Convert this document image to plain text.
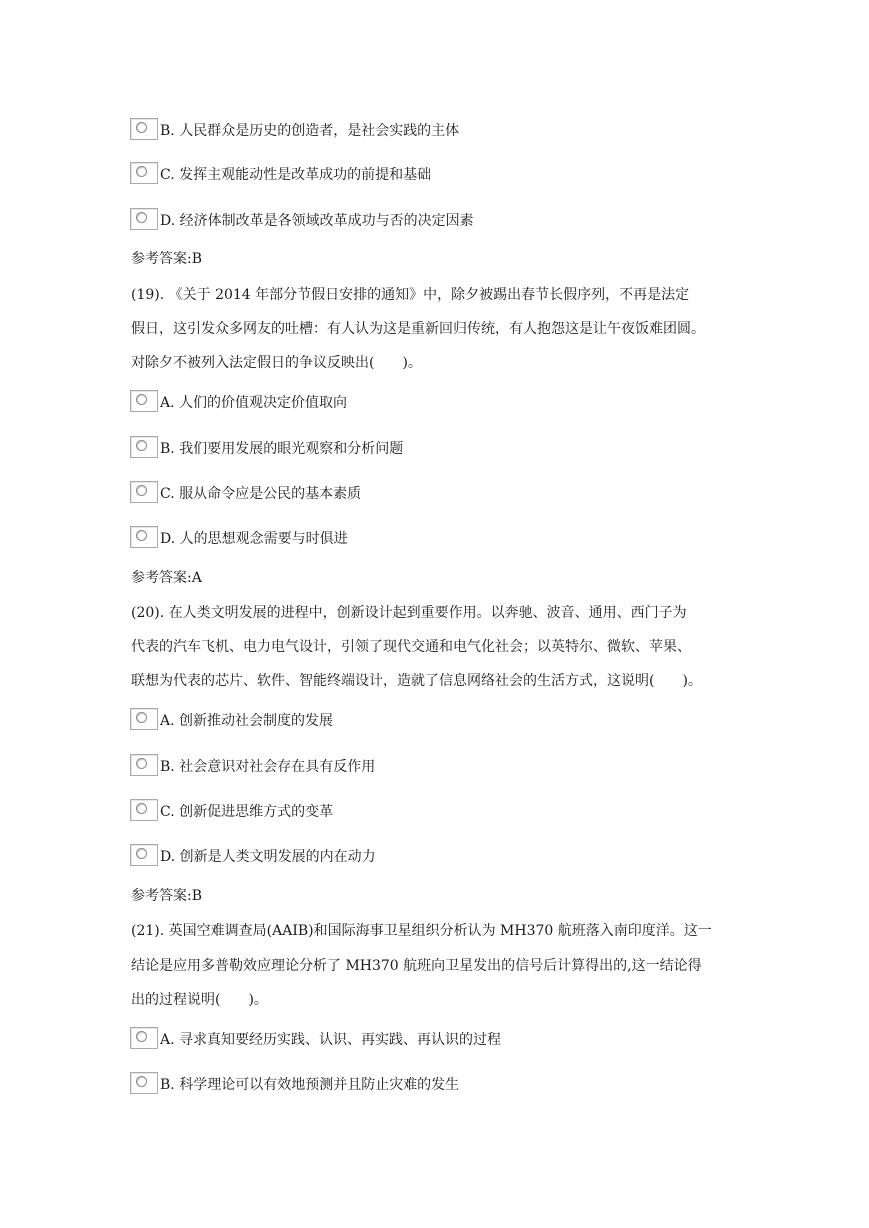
B. 人民群众是历史的创造者，是社会实践的主体
C. 发挥主观能动性是改革成功的前提和基础
D. 经济体制改革是各领域改革成功与否的决定因素
参考答案:B
(19). 《关于 2014 年部分节假日安排的通知》中，除夕被踢出春节长假序列，不再是法定
假日，这引发众多网友的吐槽：有人认为这是重新回归传统，有人抱怨这是让午夜饭难团圆。
对除夕不被列入法定假日的争议反映出(　　)。
A. 人们的价值观决定价值取向
B. 我们要用发展的眼光观察和分析问题
C. 服从命令应是公民的基本素质
D. 人的思想观念需要与时俱进
参考答案:A
(20). 在人类文明发展的进程中，创新设计起到重要作用。以奔驰、波音、通用、西门子为
代表的汽车飞机、电力电气设计，引领了现代交通和电气化社会；以英特尔、微软、苹果、
联想为代表的芯片、软件、智能终端设计，造就了信息网络社会的生活方式，这说明(　　)。
A. 创新推动社会制度的发展
B. 社会意识对社会存在具有反作用
C. 创新促进思维方式的变革
D. 创新是人类文明发展的内在动力
参考答案:B
(21). 英国空难调查局(AAIB)和国际海事卫星组织分析认为 MH370 航班落入南印度洋。这一
结论是应用多普勒效应理论分析了 MH370 航班向卫星发出的信号后计算得出的,这一结论得
出的过程说明(　　)。
A. 寻求真知要经历实践、认识、再实践、再认识的过程
B. 科学理论可以有效地预测并且防止灾难的发生
